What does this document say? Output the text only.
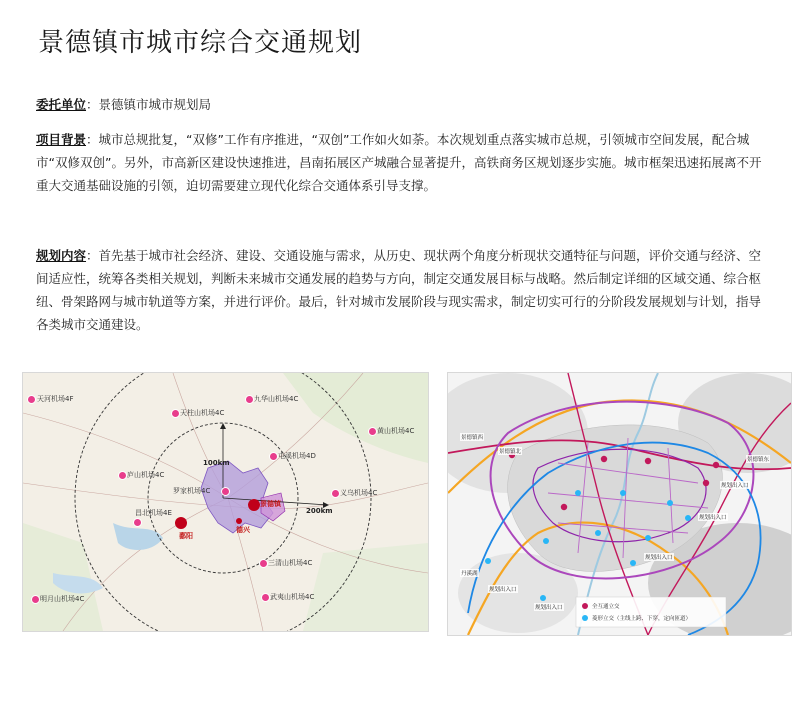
景德镇市城市综合交通规划
委托单位：景德镇市城市规划局
项目背景：城市总规批复，“双修”工作有序推进，“双创”工作如火如荼。本次规划重点落实城市总规，引领城市空间发展，配合城市“双修双创”。另外，市高新区建设快速推进，昌南拓展区产城融合显著提升，高铁商务区规划逐步实施。城市框架迅速拓展离不开重大交通基础设施的引领，迫切需要建立现代化综合交通体系引导支撑。
规划内容：首先基于城市社会经济、建设、交通设施与需求，从历史、现状两个角度分析现状交通特征与问题，评价交通与经济、空间适应性，统筹各类相关规划，判断未来城市交通发展的趋势与方向，制定交通发展目标与战略。然后制定详细的区域交通、综合枢纽、骨架路网与城市轨道等方案，并进行评价。最后，针对城市发展阶段与现实需求，制定切实可行的分阶段发展规划与计划，指导各类城市交通建设。
天河机场4F
天柱山机场4C
九华山机场4C
黄山机场4C
庐山机场4C
屯溪机场4D
罗家机场4C
昌北机场4E
三清山机场4C
义乌机场4C
明月山机场4C	武夷山机场4C
100km
200km
景德镇
鄱阳
德兴
景德镇北
景德镇西
景德镇东
规划出入口
丹溪湖
规划出入口
规划出入口
规划出入口
规划出入口
全互通立交
菱形立交（主线上跨、下穿，定向匝道）
